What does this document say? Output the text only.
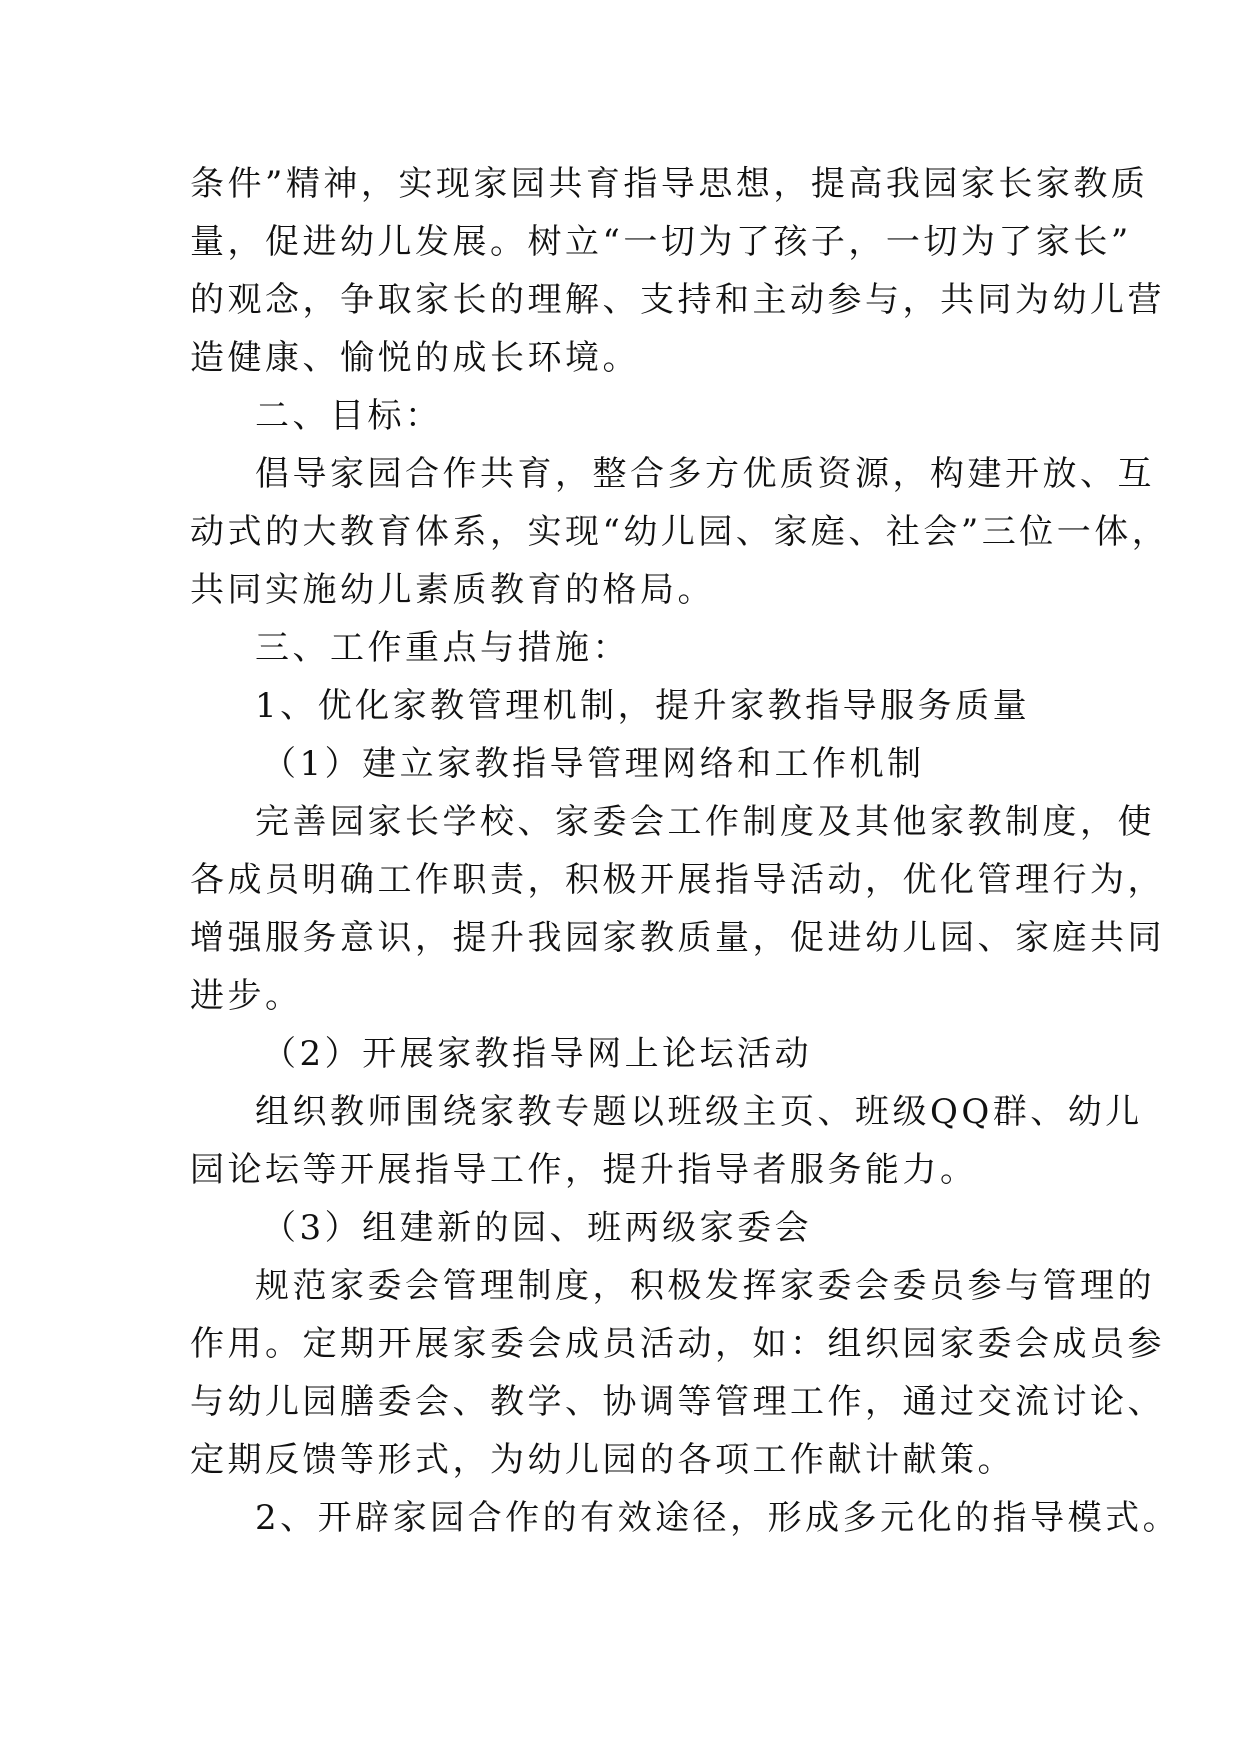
条件”精神，实现家园共育指导思想，提高我园家长家教质
量，促进幼儿发展。树立“一切为了孩子，一切为了家长”
的观念，争取家长的理解、支持和主动参与，共同为幼儿营
造健康、愉悦的成长环境。
二、目标：
倡导家园合作共育，整合多方优质资源，构建开放、互
动式的大教育体系，实现“幼儿园、家庭、社会”三位一体，
共同实施幼儿素质教育的格局。
三、工作重点与措施：
1、优化家教管理机制，提升家教指导服务质量
（1）建立家教指导管理网络和工作机制
完善园家长学校、家委会工作制度及其他家教制度，使
各成员明确工作职责，积极开展指导活动，优化管理行为，
增强服务意识，提升我园家教质量，促进幼儿园、家庭共同
进步。
（2）开展家教指导网上论坛活动
组织教师围绕家教专题以班级主页、班级QQ群、幼儿
园论坛等开展指导工作，提升指导者服务能力。
（3）组建新的园、班两级家委会
规范家委会管理制度，积极发挥家委会委员参与管理的
作用。定期开展家委会成员活动，如：组织园家委会成员参
与幼儿园膳委会、教学、协调等管理工作，通过交流讨论、
定期反馈等形式，为幼儿园的各项工作献计献策。
2、开辟家园合作的有效途径，形成多元化的指导模式。
